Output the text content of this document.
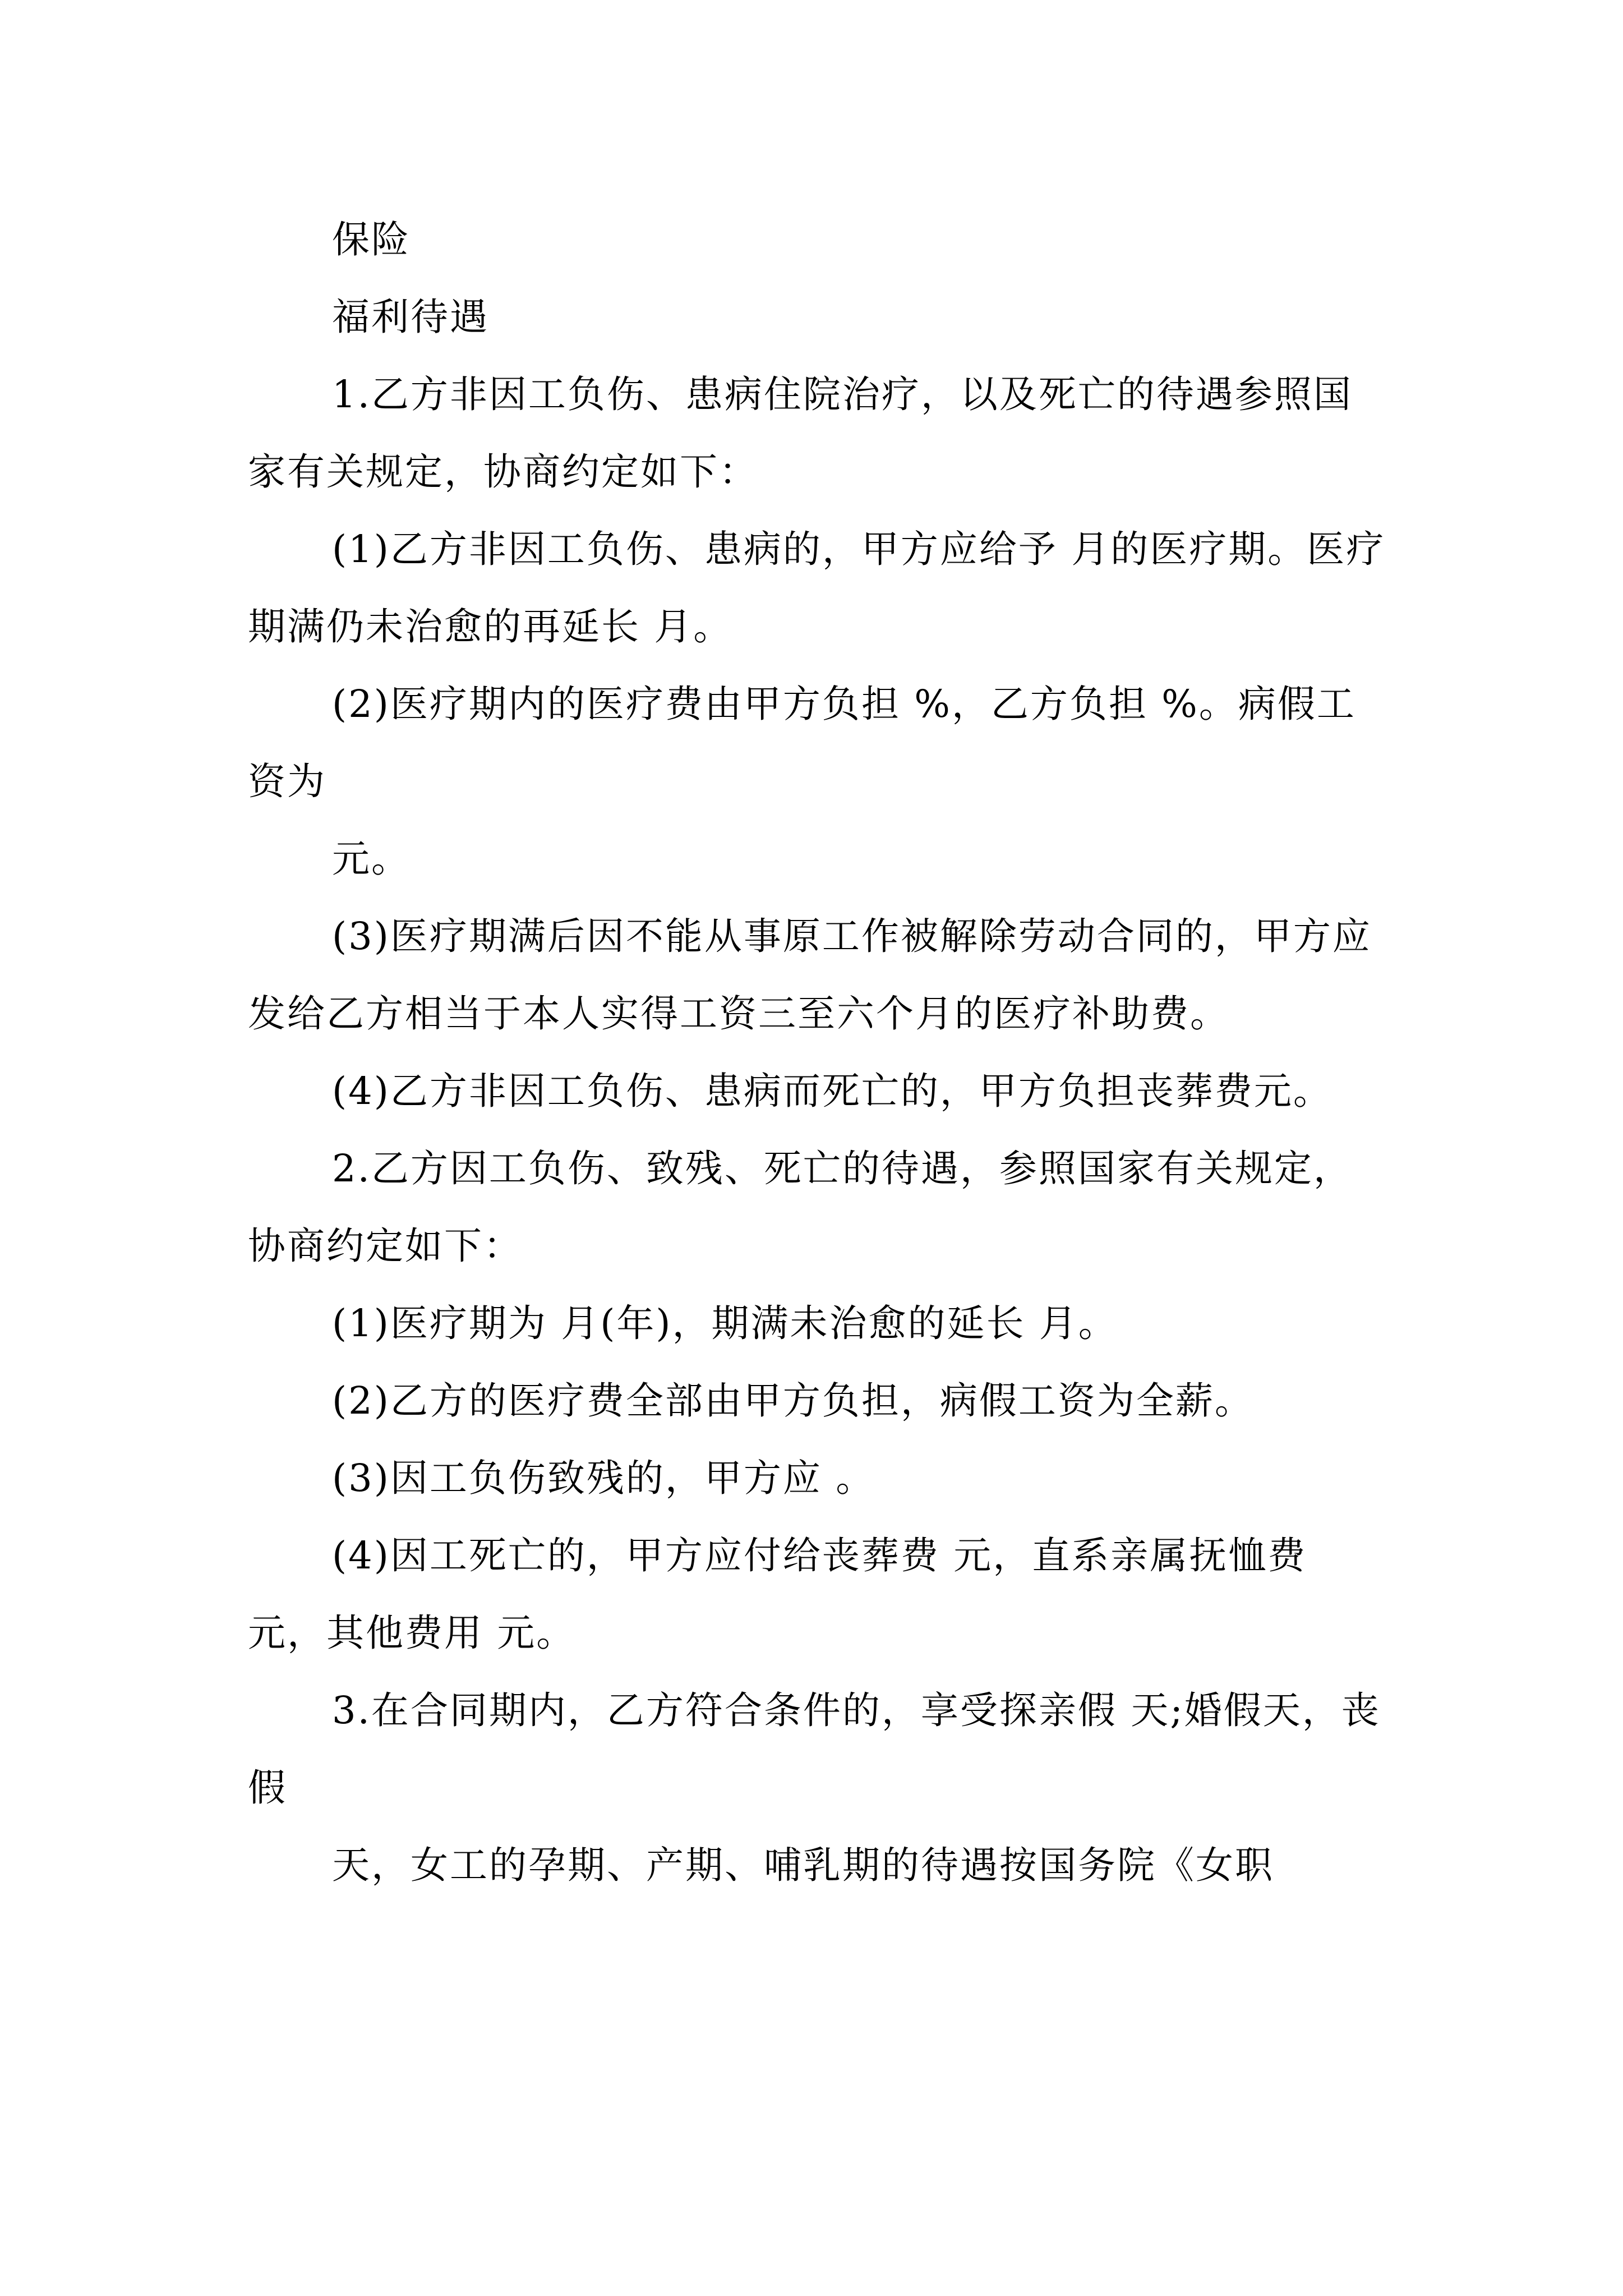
保险

福利待遇

1.乙方非因工负伤、患病住院治疗，以及死亡的待遇参照国家有关规定，协商约定如下：

(1)乙方非因工负伤、患病的，甲方应给予 月的医疗期。医疗期满仍未治愈的再延长 月。

(2)医疗期内的医疗费由甲方负担 %，乙方负担 %。病假工资为

元。

(3)医疗期满后因不能从事原工作被解除劳动合同的，甲方应发给乙方相当于本人实得工资三至六个月的医疗补助费。

(4)乙方非因工负伤、患病而死亡的，甲方负担丧葬费元。

2.乙方因工负伤、致残、死亡的待遇，参照国家有关规定，协商约定如下：

(1)医疗期为 月(年)，期满未治愈的延长 月。

(2)乙方的医疗费全部由甲方负担，病假工资为全薪。

(3)因工负伤致残的，甲方应 。

(4)因工死亡的，甲方应付给丧葬费 元，直系亲属抚恤费 元，其他费用 元。

3.在合同期内，乙方符合条件的，享受探亲假 天;婚假天，丧假

天，女工的孕期、产期、哺乳期的待遇按国务院《女职
